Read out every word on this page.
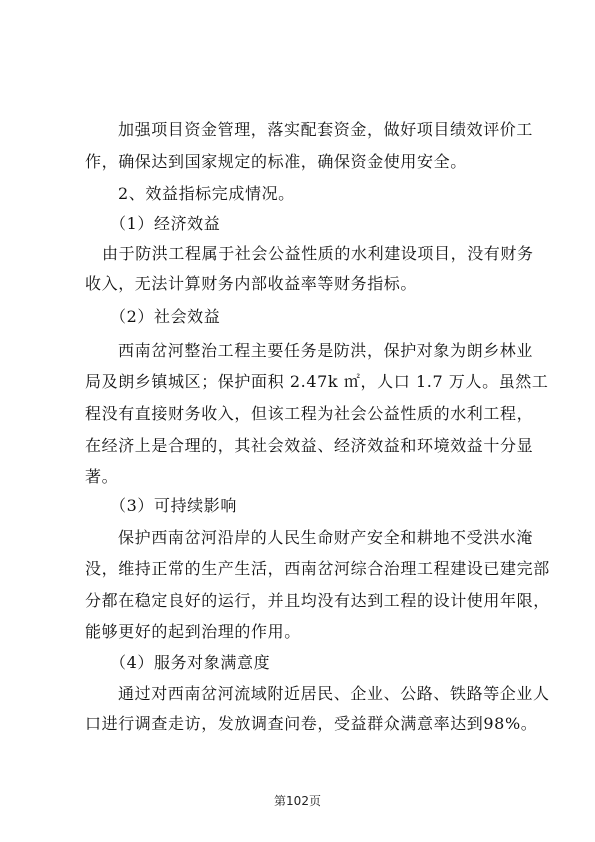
加强项目资金管理，落实配套资金，做好项目绩效评价工
作，确保达到国家规定的标准，确保资金使用安全。
2、效益指标完成情况。
（1）经济效益
由于防洪工程属于社会公益性质的水利建设项目，没有财务
收入，无法计算财务内部收益率等财务指标。
（2）社会效益
西南岔河整治工程主要任务是防洪，保护对象为朗乡林业
局及朗乡镇城区；保护面积 2.47k ㎡，人口 1.7 万人。虽然工
程没有直接财务收入，但该工程为社会公益性质的水利工程，
在经济上是合理的，其社会效益、经济效益和环境效益十分显
著。
（3）可持续影响
保护西南岔河沿岸的人民生命财产安全和耕地不受洪水淹
没，维持正常的生产生活，西南岔河综合治理工程建设已建完部
分都在稳定良好的运行，并且均没有达到工程的设计使用年限，
能够更好的起到治理的作用。
（4）服务对象满意度
通过对西南岔河流域附近居民、企业、公路、铁路等企业人
口进行调查走访，发放调查问卷，受益群众满意率达到98%。
第102页
